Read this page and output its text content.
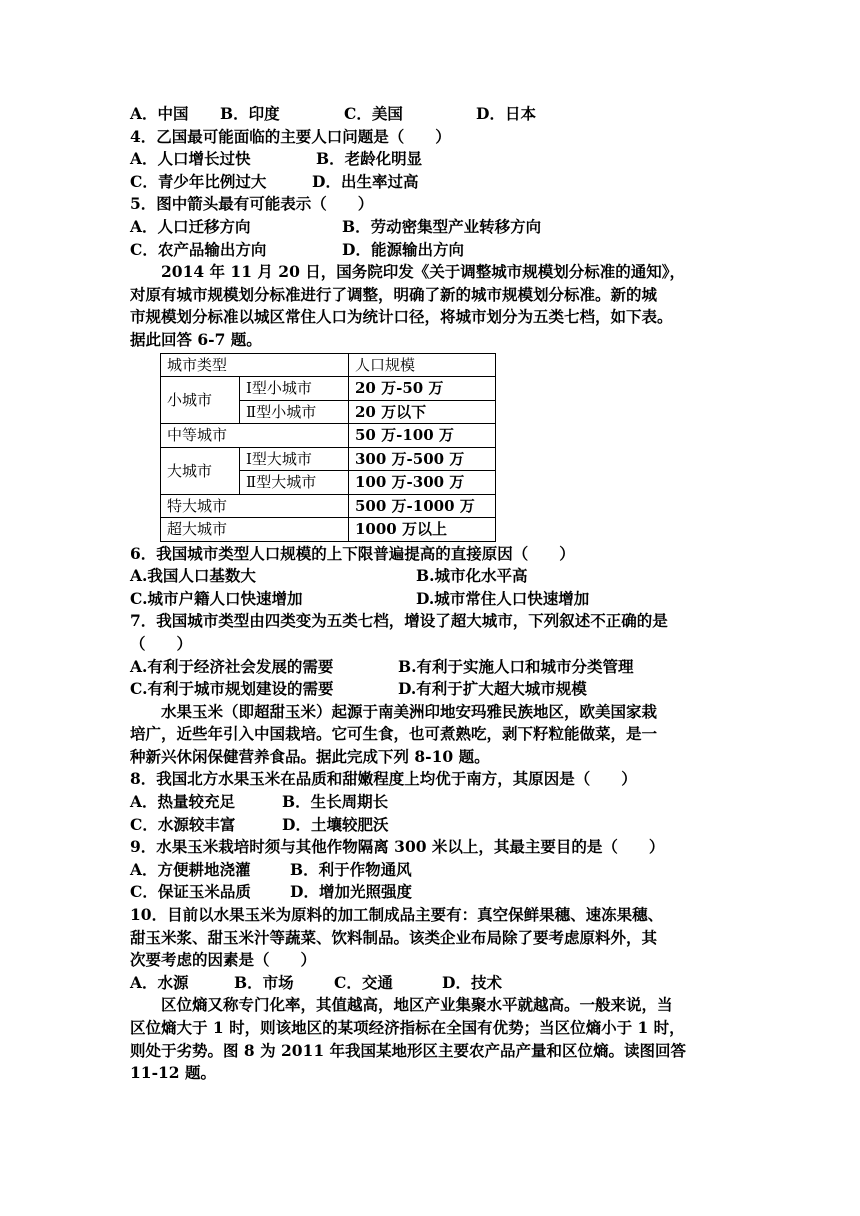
A．中国 B．印度	C．美国	D．日本
4．乙国最可能面临的主要人口问题是（　　）
A．人口增长过快	B．老龄化明显
C．青少年比例过大	D．出生率过高
5．图中箭头最有可能表示（　　）
A．人口迁移方向	B．劳动密集型产业转移方向
C．农产品输出方向	D．能源输出方向
2014 年 11 月 20 日，国务院印发《关于调整城市规模划分标准的通知》，
对原有城市规模划分标准进行了调整，明确了新的城市规模划分标准。新的城
市规模划分标准以城区常住人口为统计口径，将城市划分为五类七档，如下表。
据此回答 6-7 题。
城市类型		人口规模
小城市	Ⅰ型小城市	20 万-50 万
	Ⅱ型小城市	20 万以下
中等城市		50 万-100 万
大城市	Ⅰ型大城市	300 万-500 万
	Ⅱ型大城市	100 万-300 万
特大城市		500 万-1000 万
超大城市		1000 万以上
6．我国城市类型人口规模的上下限普遍提高的直接原因（　　）
A.我国人口基数大	B.城市化水平高
C.城市户籍人口快速增加	D.城市常住人口快速增加
7．我国城市类型由四类变为五类七档，增设了超大城市，下列叙述不正确的是
（　　）
A.有利于经济社会发展的需要	B.有利于实施人口和城市分类管理
C.有利于城市规划建设的需要	D.有利于扩大超大城市规模
水果玉米（即超甜玉米）起源于南美洲印地安玛雅民族地区，欧美国家栽
培广，近些年引入中国栽培。它可生食，也可煮熟吃，剥下籽粒能做菜，是一
种新兴休闲保健营养食品。据此完成下列 8-10 题。
8．我国北方水果玉米在品质和甜嫩程度上均优于南方，其原因是（　　）
A．热量较充足	B．生长周期长
C．水源较丰富	D．土壤较肥沃
9．水果玉米栽培时须与其他作物隔离 300 米以上，其最主要目的是（　　）
A．方便耕地浇灌	B．利于作物通风
C．保证玉米品质	D．增加光照强度
10．目前以水果玉米为原料的加工制成品主要有：真空保鲜果穗、速冻果穗、
甜玉米浆、甜玉米汁等蔬菜、饮料制品。该类企业布局除了要考虑原料外，其
次要考虑的因素是（　　）
A．水源	B．市场	C．交通	D．技术
区位熵又称专门化率，其值越高，地区产业集聚水平就越高。一般来说，当
区位熵大于 1 时，则该地区的某项经济指标在全国有优势；当区位熵小于 1 时，
则处于劣势。图 8 为 2011 年我国某地形区主要农产品产量和区位熵。读图回答
11-12 题。
